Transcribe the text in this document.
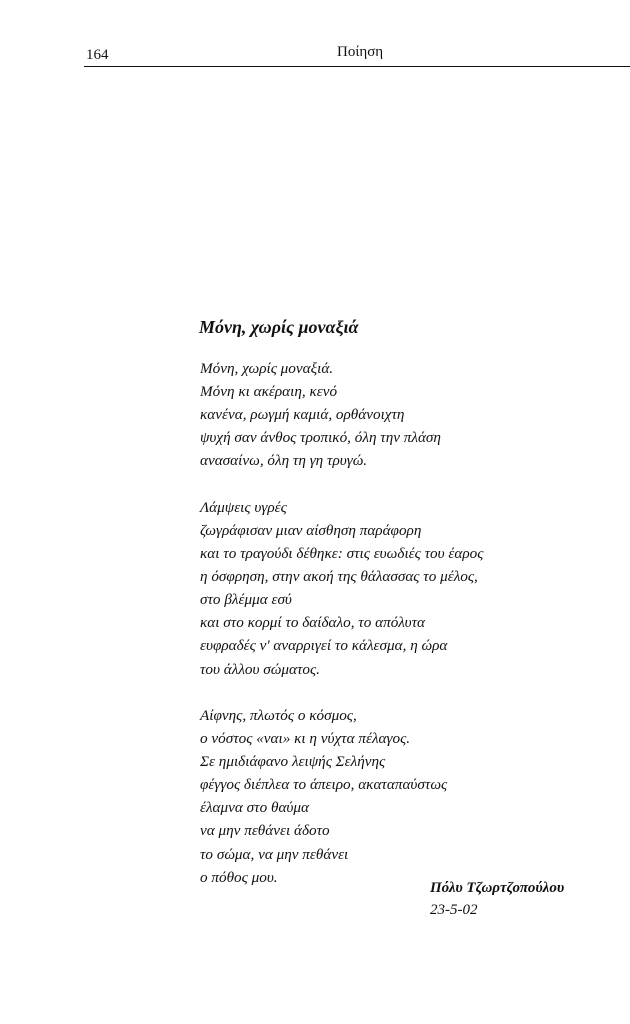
164	Ποίηση
Μόνη, χωρίς μοναξιά
Μόνη, χωρίς μοναξιά.
Μόνη κι ακέραιη, κενό
κανένα, ρωγμή καμιά, ορθάνοιχτη
ψυχή σαν άνθος τροπικό, όλη την πλάση
ανασαίνω, όλη τη γη τρυγώ.
Λάμψεις υγρές
ζωγράφισαν μιαν αίσθηση παράφορη
και το τραγούδι δέθηκε: στις ευωδιές του έαρος
η όσφρηση, στην ακοή της θάλασσας το μέλος,
στο βλέμμα εσύ
και στο κορμί το δαίδαλο, το απόλυτα
ευφραδές ν' αναρριγεί το κάλεσμα, η ώρα
του άλλου σώματος.
Αίφνης, πλωτός ο κόσμος,
ο νόστος «ναι» κι η νύχτα πέλαγος.
Σε ημιδιάφανο λειψής Σελήνης
φέγγος διέπλεα το άπειρο, ακαταπαύστως
έλαμνα στο θαύμα
να μην πεθάνει άδοτο
το σώμα, να μην πεθάνει
ο πόθος μου.
Πόλυ Τζωρτζοπούλου
23-5-02
